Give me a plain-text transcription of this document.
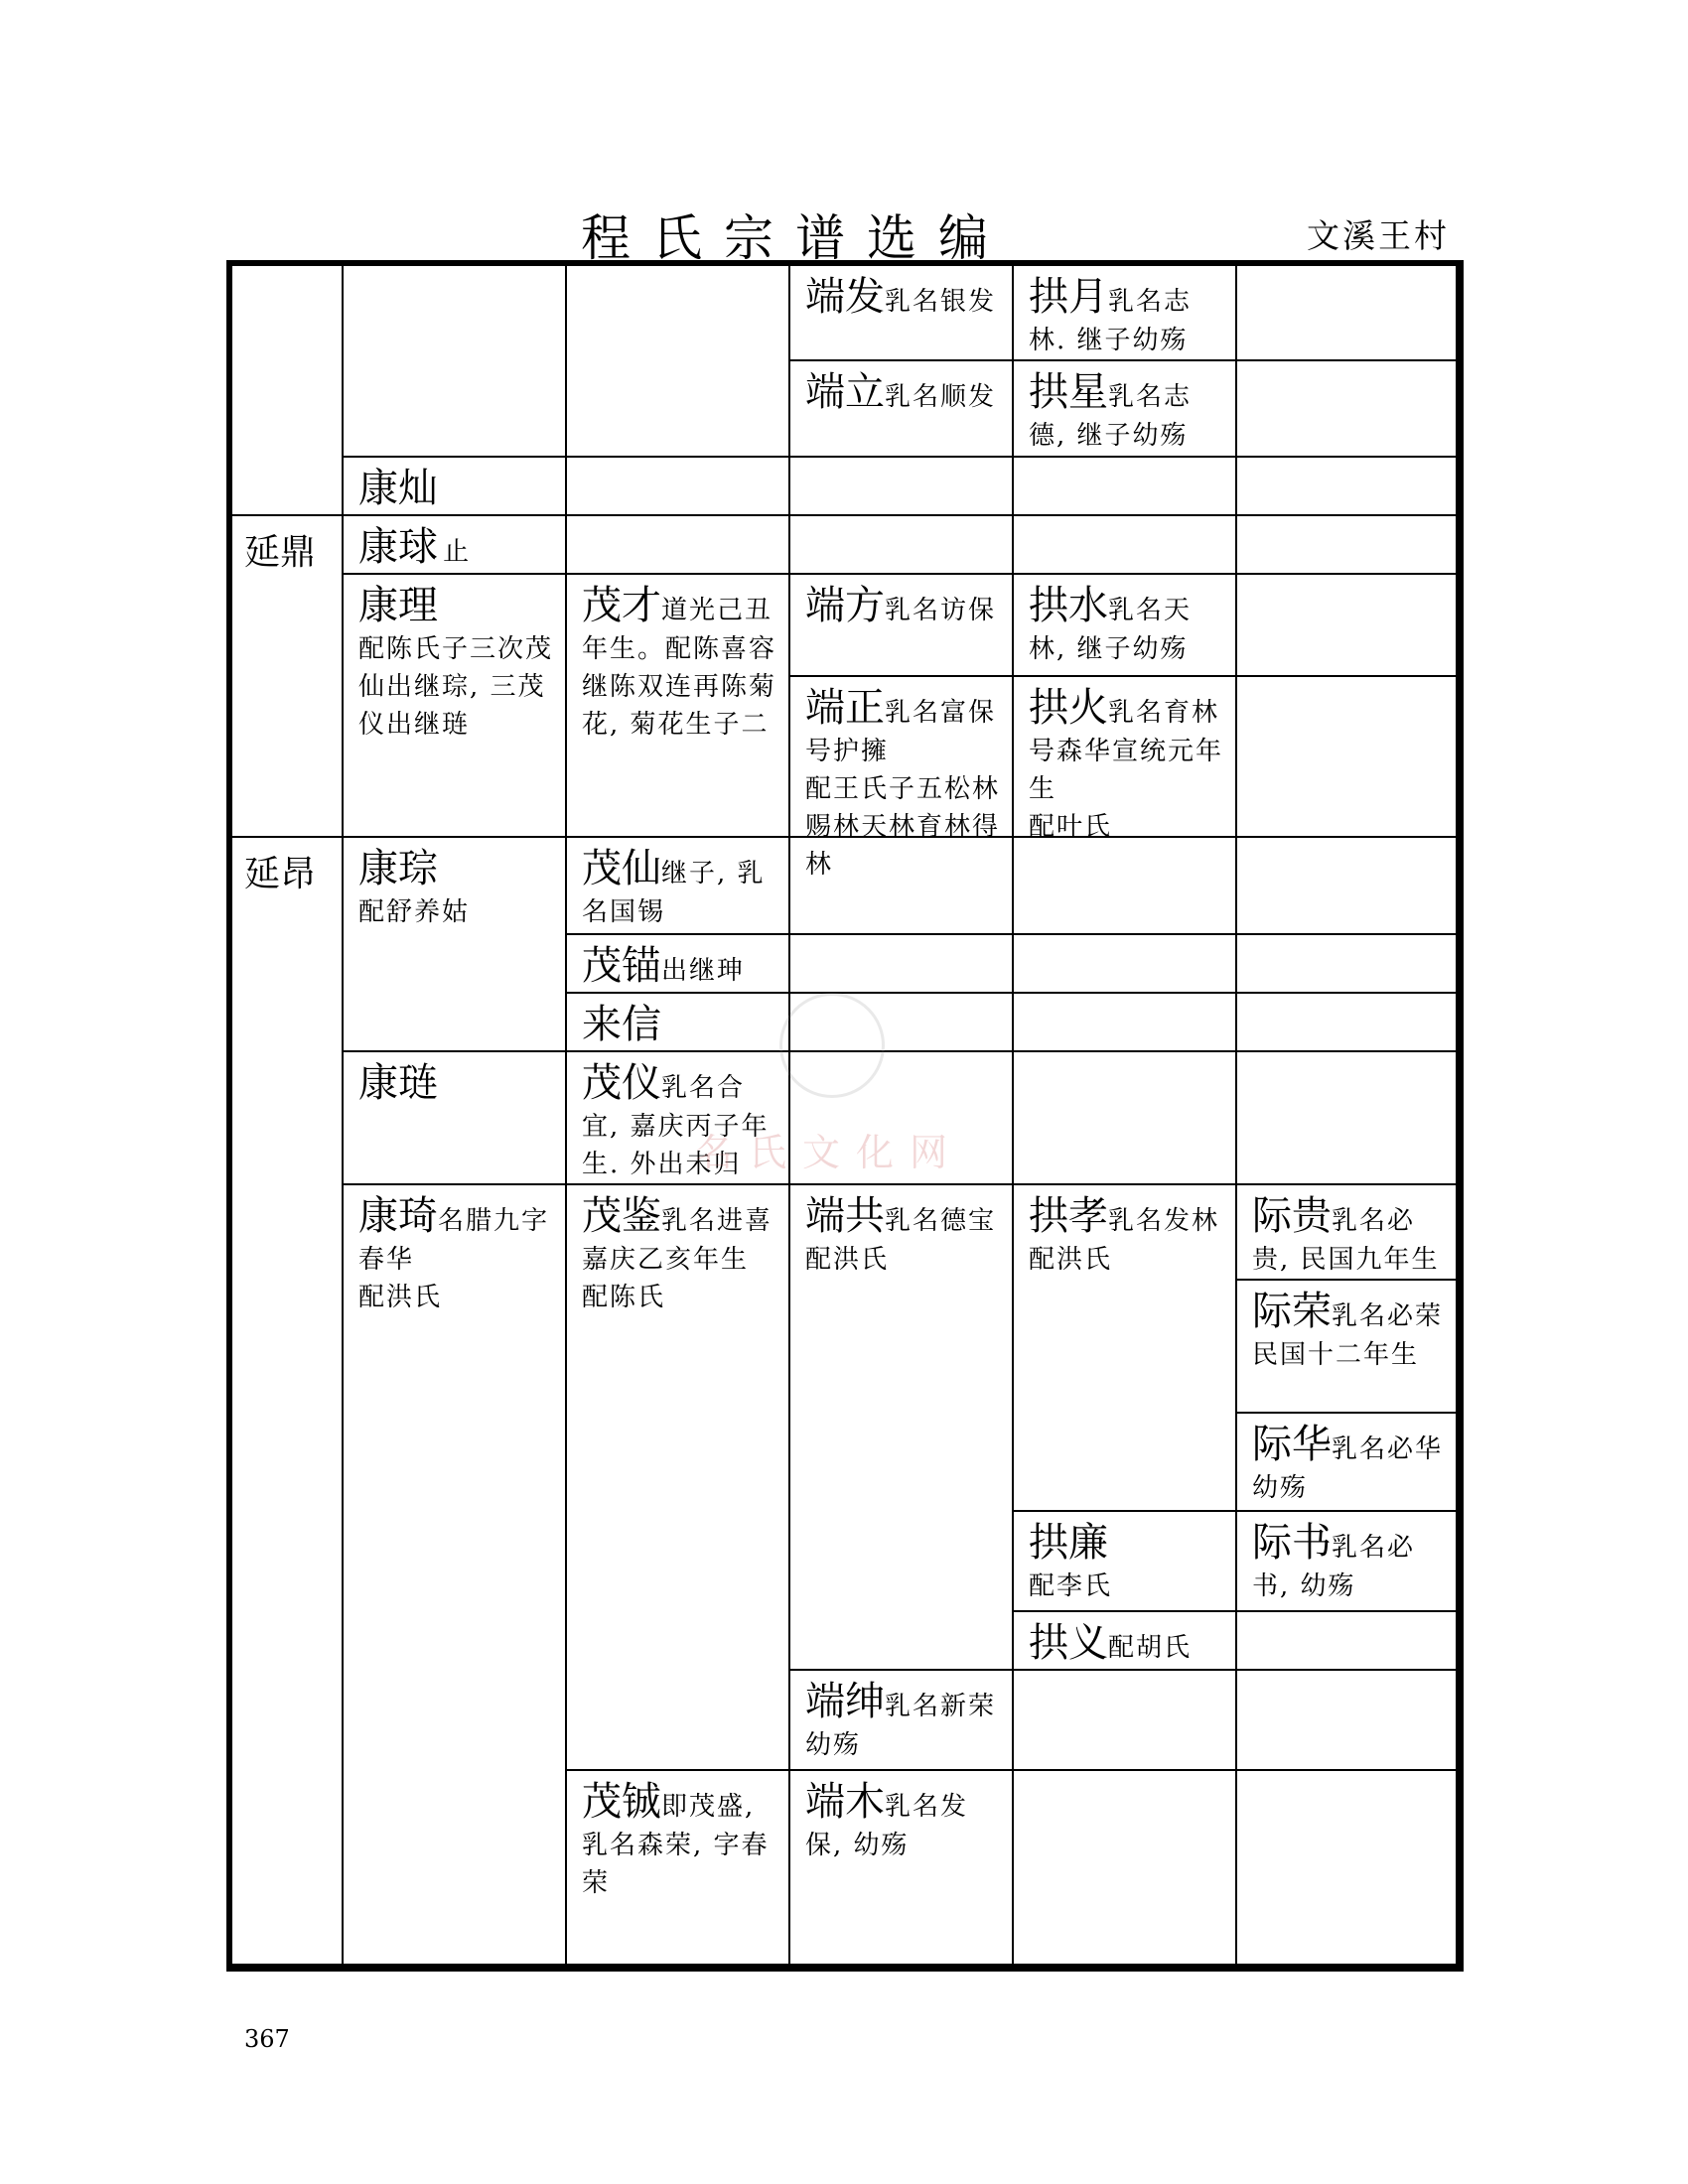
程氏宗谱选编	文溪王村
延鼎
延昂
康灿
康球 止
康理
配陈氏子三次茂仙出继琮, 三茂仪出继琏
康琮
配舒养姑
康琏
康琦名腊九字春华
配洪氏
茂才道光己丑年生。配陈喜容继陈双连再陈菊花, 菊花生子二
茂仙继子, 乳名国锡
茂锚出继珅
来信
茂仪乳名合宜, 嘉庆丙子年生. 外出未归
茂鉴乳名进喜嘉庆乙亥年生
配陈氏
茂铖即茂盛, 乳名森荣, 字春荣
端发乳名银发
端立乳名顺发
端方乳名访保
端正乳名富保号护擁
配王氏子五松林赐林天林育林得林
端共乳名德宝
配洪氏
端绅乳名新荣幼殇
端木乳名发保, 幼殇
拱月乳名志林. 继子幼殇
拱星乳名志德, 继子幼殇
拱水乳名天林, 继子幼殇
拱火乳名育林号森华宣统元年生
配叶氏
拱孝乳名发林
配洪氏
拱廉
配李氏
拱义配胡氏
际贵乳名必贵, 民国九年生
际荣乳名必荣民国十二年生
际华乳名必华幼殇
际书乳名必书, 幼殇
名氏文化网
367
